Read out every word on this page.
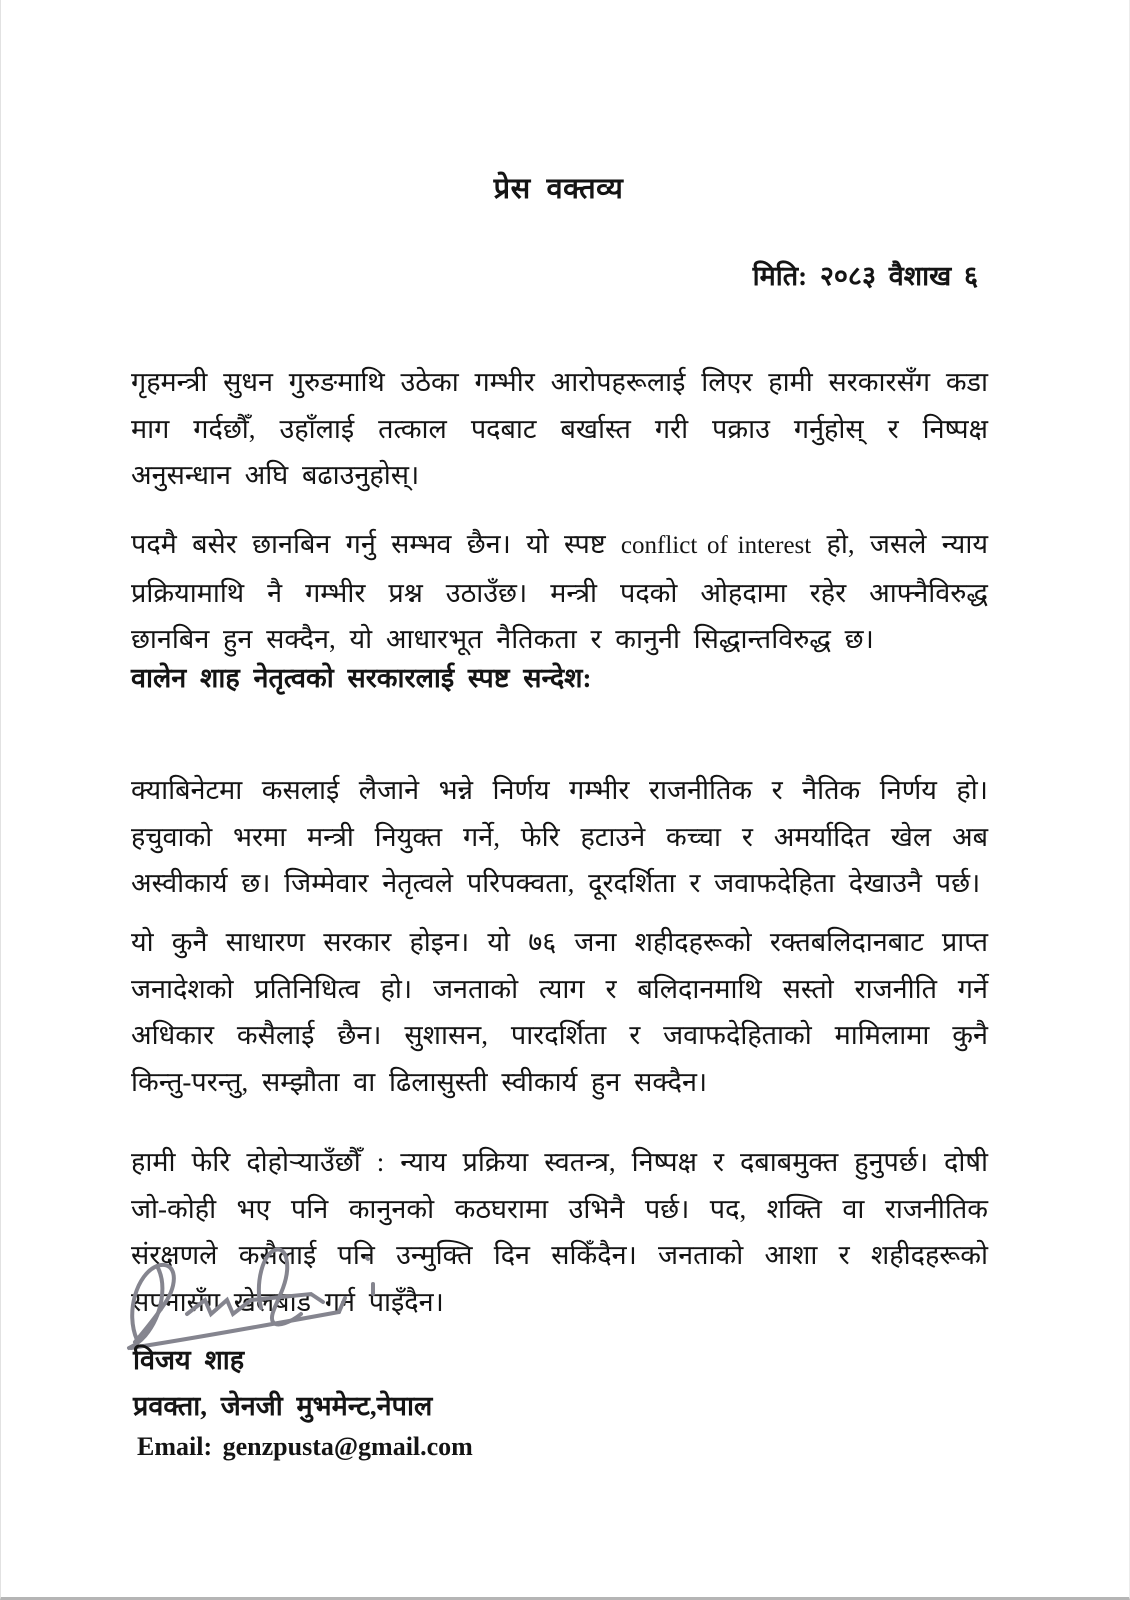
प्रेस वक्तव्य
मिति: २०८३ वैशाख ६

गृहमन्त्री सुधन गुरुङमाथि उठेका गम्भीर आरोपहरूलाई लिएर हामी सरकारसँग कडा माग गर्दछौँ, उहाँलाई तत्काल पदबाट बर्खास्त गरी पक्राउ गर्नुहोस् र निष्पक्ष अनुसन्धान अघि बढाउनुहोस्।

पदमै बसेर छानबिन गर्नु सम्भव छैन। यो स्पष्ट conflict of interest हो, जसले न्याय प्रक्रियामाथि नै गम्भीर प्रश्न उठाउँछ। मन्त्री पदको ओहदामा रहेर आफ्नैविरुद्ध छानबिन हुन सक्दैन, यो आधारभूत नैतिकता र कानुनी सिद्धान्तविरुद्ध छ।

वालेन शाह नेतृत्वको सरकारलाई स्पष्ट सन्देश:

क्याबिनेटमा कसलाई लैजाने भन्ने निर्णय गम्भीर राजनीतिक र नैतिक निर्णय हो। हचुवाको भरमा मन्त्री नियुक्त गर्ने, फेरि हटाउने कच्चा र अमर्यादित खेल अब अस्वीकार्य छ। जिम्मेवार नेतृत्वले परिपक्वता, दूरदर्शिता र जवाफदेहिता देखाउनै पर्छ।

यो कुनै साधारण सरकार होइन। यो ७६ जना शहीदहरूको रक्तबलिदानबाट प्राप्त जनादेशको प्रतिनिधित्व हो। जनताको त्याग र बलिदानमाथि सस्तो राजनीति गर्ने अधिकार कसैलाई छैन। सुशासन, पारदर्शिता र जवाफदेहिताको मामिलामा कुनै किन्तु-परन्तु, सम्झौता वा ढिलासुस्ती स्वीकार्य हुन सक्दैन।

हामी फेरि दोहोऱ्याउँछौँ : न्याय प्रक्रिया स्वतन्त्र, निष्पक्ष र दबाबमुक्त हुनुपर्छ। दोषी जो-कोही भए पनि कानुनको कठघरामा उभिनै पर्छ। पद, शक्ति वा राजनीतिक संरक्षणले कसैलाई पनि उन्मुक्ति दिन सकिँदैन। जनताको आशा र शहीदहरूको सपनासँग खेलबाड गर्न पाइँदैन।

विजय शाह
प्रवक्ता, जेनजी मुभमेन्ट,नेपाल
Email: genzpusta@gmail.com
